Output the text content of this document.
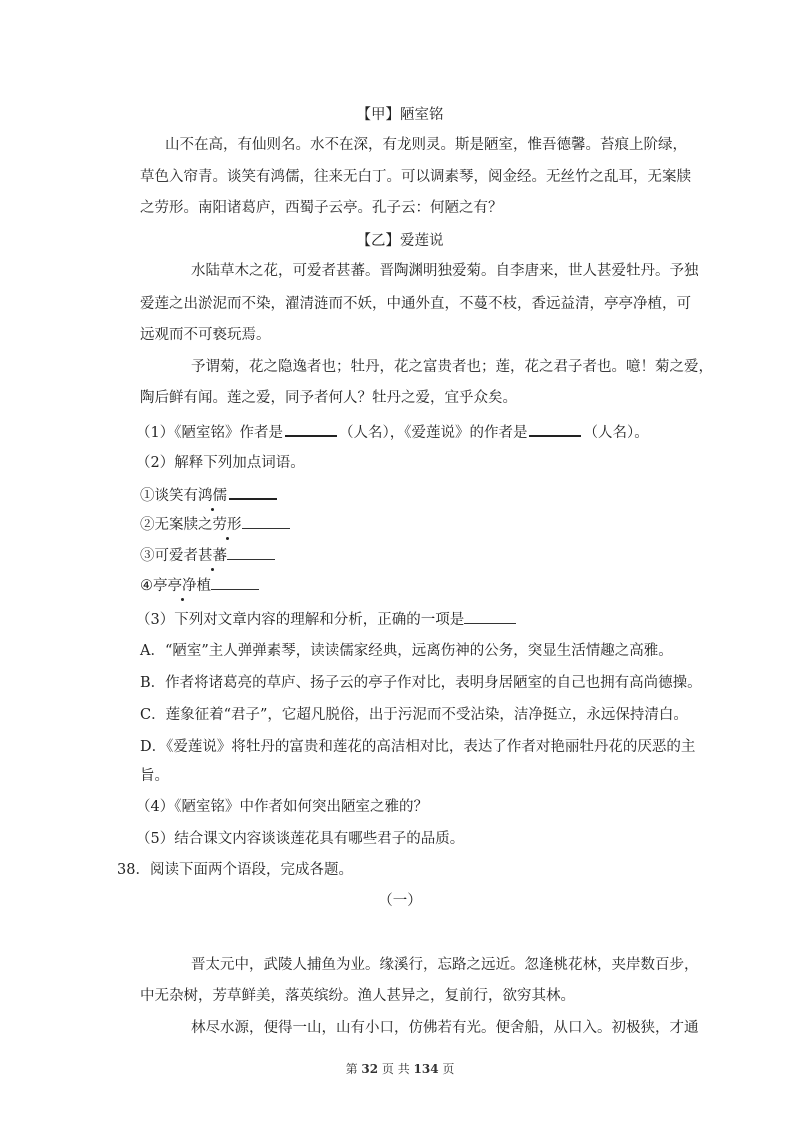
【甲】陋室铭
山不在高，有仙则名。水不在深，有龙则灵。斯是陋室，惟吾德馨。苔痕上阶绿，
草色入帘青。谈笑有鸿儒，往来无白丁。可以调素琴，阅金经。无丝竹之乱耳，无案牍
之劳形。南阳诸葛庐，西蜀子云亭。孔子云：何陋之有？
【乙】爱莲说
水陆草木之花，可爱者甚蕃。晋陶渊明独爱菊。自李唐来，世人甚爱牡丹。予独
爱莲之出淤泥而不染，濯清涟而不妖，中通外直，不蔓不枝，香远益清，亭亭净植，可
远观而不可亵玩焉。
予谓菊，花之隐逸者也；牡丹，花之富贵者也；莲，花之君子者也。噫！菊之爱，
陶后鲜有闻。莲之爱，同予者何人？牡丹之爱，宜乎众矣。
（1）《陋室铭》作者是	（人名），《爱莲说》的作者是	（人名）。
（2）解释下列加点词语。
①谈笑有鸿儒
②无案牍之劳形
③可爱者甚蕃
④亭亭净植
（3）下列对文章内容的理解和分析，正确的一项是
A．“陋室”主人弹弹素琴，读读儒家经典，远离伤神的公务，突显生活情趣之高雅。
B．作者将诸葛亮的草庐、扬子云的亭子作对比，表明身居陋室的自己也拥有高尚德操。
C．莲象征着“君子”，它超凡脱俗，出于污泥而不受沾染，洁净挺立，永远保持清白。
D．《爱莲说》将牡丹的富贵和莲花的高洁相对比，表达了作者对艳丽牡丹花的厌恶的主
旨。
（4）《陋室铭》中作者如何突出陋室之雅的？
（5）结合课文内容谈谈莲花具有哪些君子的品质。
38．阅读下面两个语段，完成各题。
（一）
晋太元中，武陵人捕鱼为业。缘溪行，忘路之远近。忽逢桃花林，夹岸数百步，
中无杂树，芳草鲜美，落英缤纷。渔人甚异之，复前行，欲穷其林。
林尽水源，便得一山，山有小口，仿佛若有光。便舍船，从口入。初极狭，才通
第 32 页 共 134 页
